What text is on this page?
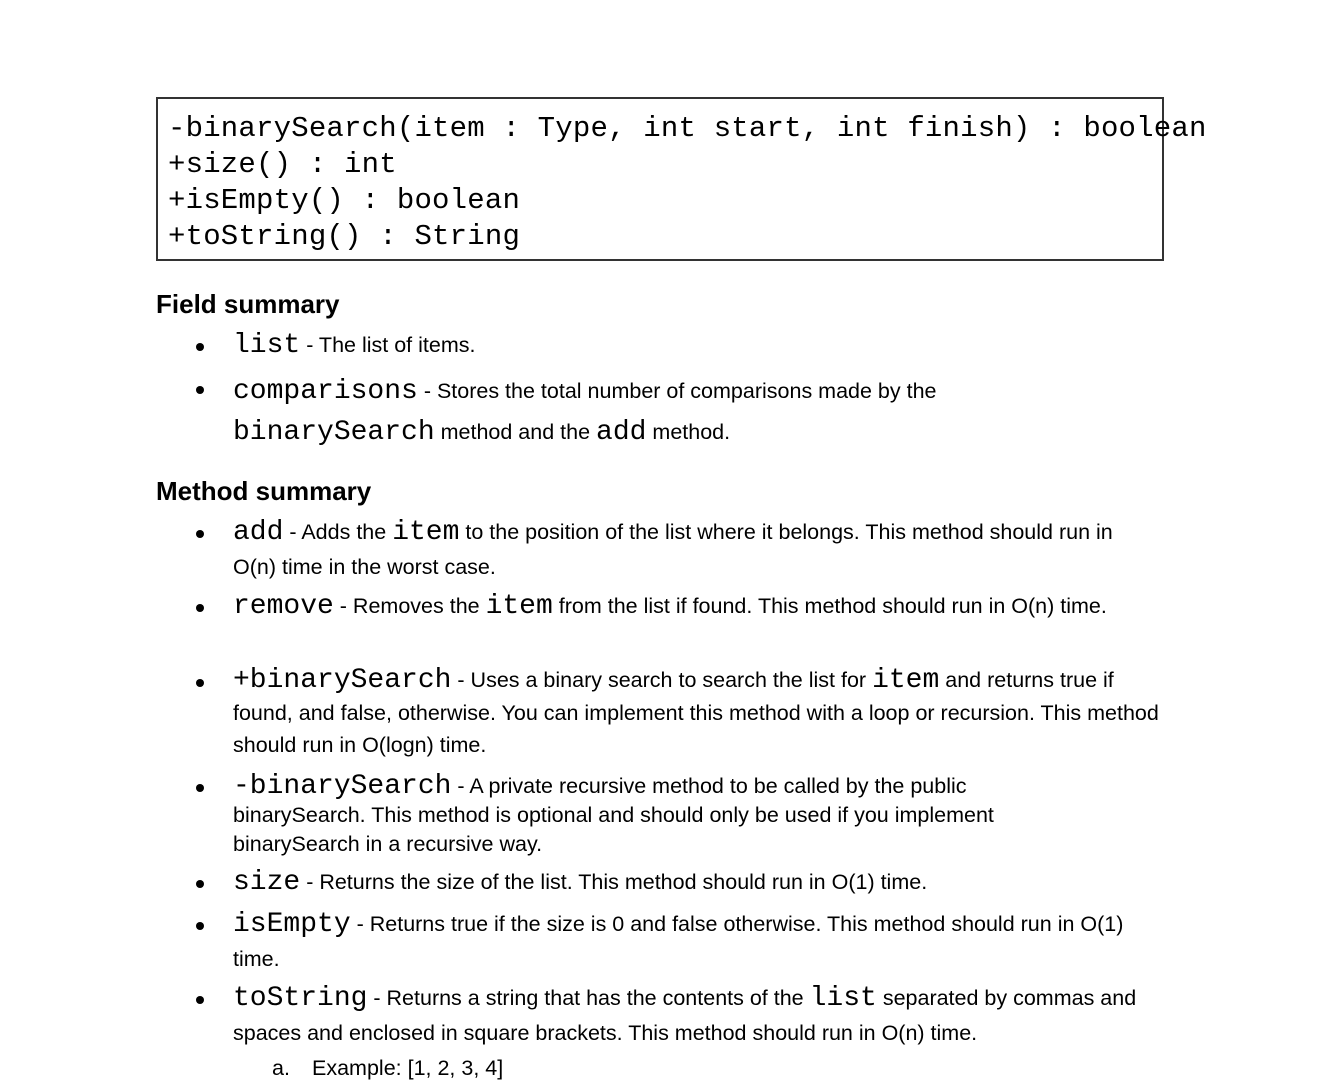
-binarySearch(item : Type, int start, int finish) : boolean
+size() : int
+isEmpty() : boolean
+toString() : String
Field summary
list - The list of items.
comparisons - Stores the total number of comparisons made by the binarySearch method and the add method.
Method summary
add - Adds the item to the position of the list where it belongs. This method should run in O(n) time in the worst case.
remove - Removes the item from the list if found. This method should run in O(n) time.
+binarySearch - Uses a binary search to search the list for item and returns true if found, and false, otherwise. You can implement this method with a loop or recursion. This method should run in O(logn) time.
-binarySearch - A private recursive method to be called by the public binarySearch. This method is optional and should only be used if you implement binarySearch in a recursive way.
size - Returns the size of the list. This method should run in O(1) time.
isEmpty - Returns true if the size is 0 and false otherwise. This method should run in O(1) time.
toString - Returns a string that has the contents of the list separated by commas and spaces and enclosed in square brackets. This method should run in O(n) time.
a. Example: [1, 2, 3, 4]
